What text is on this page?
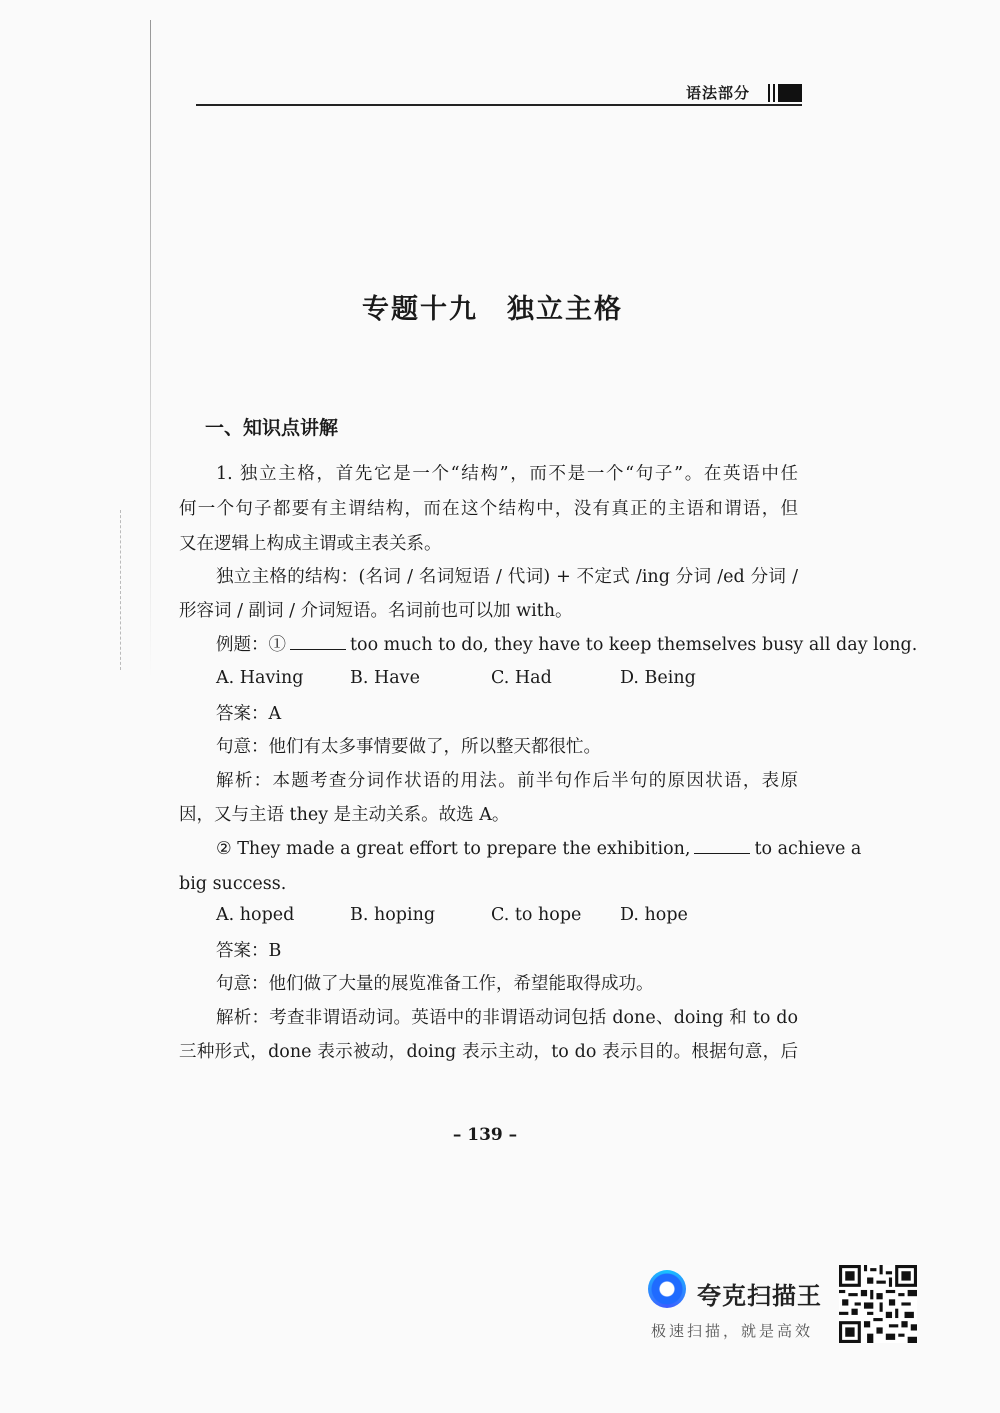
语法部分
专题十九　独立主格
一、知识点讲解
1. 独立主格，首先它是一个“结构”，而不是一个“句子”。在英语中任
何一个句子都要有主谓结构，而在这个结构中，没有真正的主语和谓语，但
又在逻辑上构成主谓或主表关系。
独立主格的结构：(名词 / 名词短语 / 代词) + 不定式 /ing 分词 /ed 分词 /
形容词 / 副词 / 介词短语。名词前也可以加 with。
例题：①	too much to do, they have to keep themselves busy all day long.
A. Having	B. Have	C. Had	D. Being
答案：A
句意：他们有太多事情要做了，所以整天都很忙。
解析：本题考查分词作状语的用法。前半句作后半句的原因状语，表原
因，又与主语 they 是主动关系。故选 A。
② They made a great effort to prepare the exhibition,	to achieve a
big success.
A. hoped	B. hoping	C. to hope D. hope
答案：B
句意：他们做了大量的展览准备工作，希望能取得成功。
解析：考查非谓语动词。英语中的非谓语动词包括 done、doing 和 to do
三种形式，done 表示被动，doing 表示主动，to do 表示目的。根据句意，后
– 139 –
夸克扫描王
极速扫描，就是高效
